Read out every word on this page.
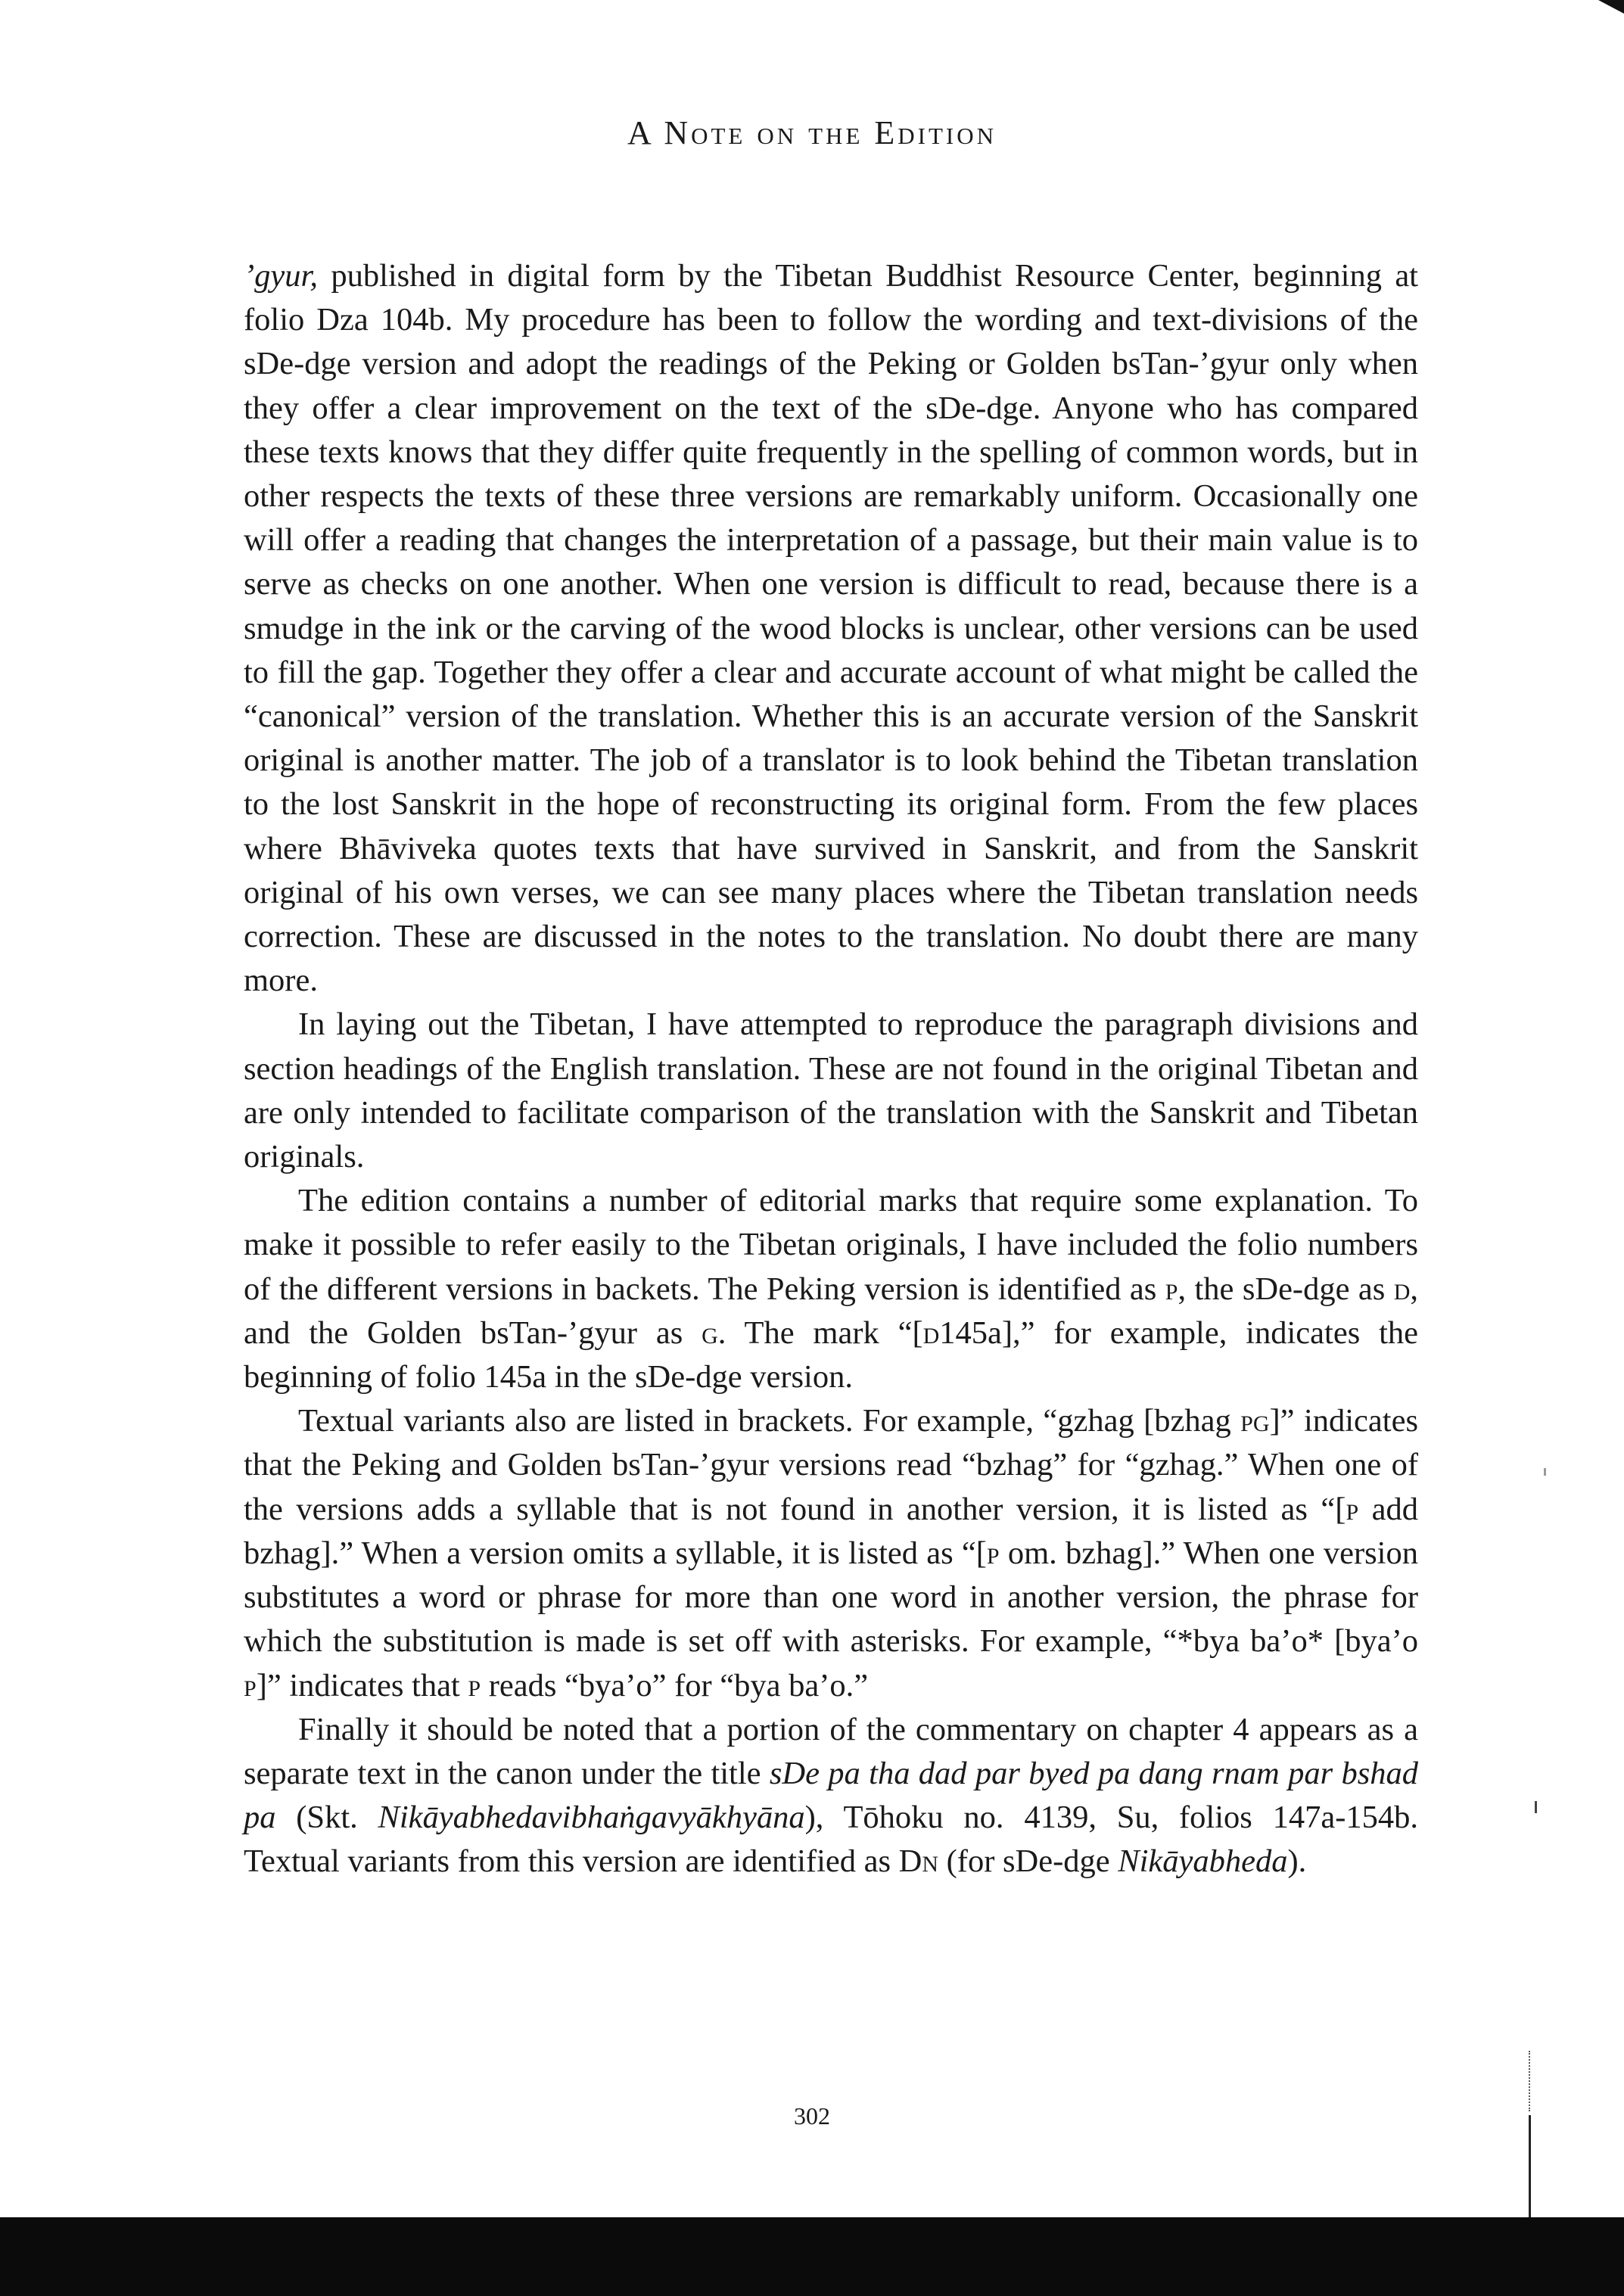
A Note on the Edition

’gyur, published in digital form by the Tibetan Buddhist Resource Center, beginning at folio Dza 104b. My procedure has been to follow the wording and text-divisions of the sDe-dge version and adopt the readings of the Peking or Golden bsTan-’gyur only when they offer a clear improvement on the text of the sDe-dge. Anyone who has compared these texts knows that they differ quite frequently in the spelling of common words, but in other respects the texts of these three versions are remarkably uniform. Occasionally one will offer a reading that changes the interpretation of a passage, but their main value is to serve as checks on one another. When one version is difficult to read, because there is a smudge in the ink or the carving of the wood blocks is unclear, other versions can be used to fill the gap. Together they offer a clear and accurate account of what might be called the “canonical” version of the translation. Whether this is an accurate version of the Sanskrit original is another matter. The job of a translator is to look behind the Tibetan translation to the lost Sanskrit in the hope of reconstructing its original form. From the few places where Bhāviveka quotes texts that have survived in Sanskrit, and from the Sanskrit original of his own verses, we can see many places where the Tibetan translation needs correction. These are discussed in the notes to the translation. No doubt there are many more.

In laying out the Tibetan, I have attempted to reproduce the paragraph divisions and section headings of the English translation. These are not found in the original Tibetan and are only intended to facilitate comparison of the translation with the Sanskrit and Tibetan originals.

The edition contains a number of editorial marks that require some explanation. To make it possible to refer easily to the Tibetan originals, I have included the folio numbers of the different versions in backets. The Peking version is identified as p, the sDe-dge as d, and the Golden bsTan-’gyur as g. The mark “[d145a],” for example, indicates the beginning of folio 145a in the sDe-dge version.

Textual variants also are listed in brackets. For example, “gzhag [bzhag pg]” indicates that the Peking and Golden bsTan-’gyur versions read “bzhag” for “gzhag.” When one of the versions adds a syllable that is not found in another version, it is listed as “[p add bzhag].” When a version omits a syllable, it is listed as “[p om. bzhag].” When one version substitutes a word or phrase for more than one word in another version, the phrase for which the substitution is made is set off with asterisks. For example, “*bya ba’o* [bya’o p]” indicates that p reads “bya’o” for “bya ba’o.”

Finally it should be noted that a portion of the commentary on chapter 4 appears as a separate text in the canon under the title sDe pa tha dad par byed pa dang rnam par bshad pa (Skt. Nikāyabhedavibhaṅgavyākhyāna), Tōhoku no. 4139, Su, folios 147a-154b. Textual variants from this version are identified as Dn (for sDe-dge Nikāyabheda).

302
